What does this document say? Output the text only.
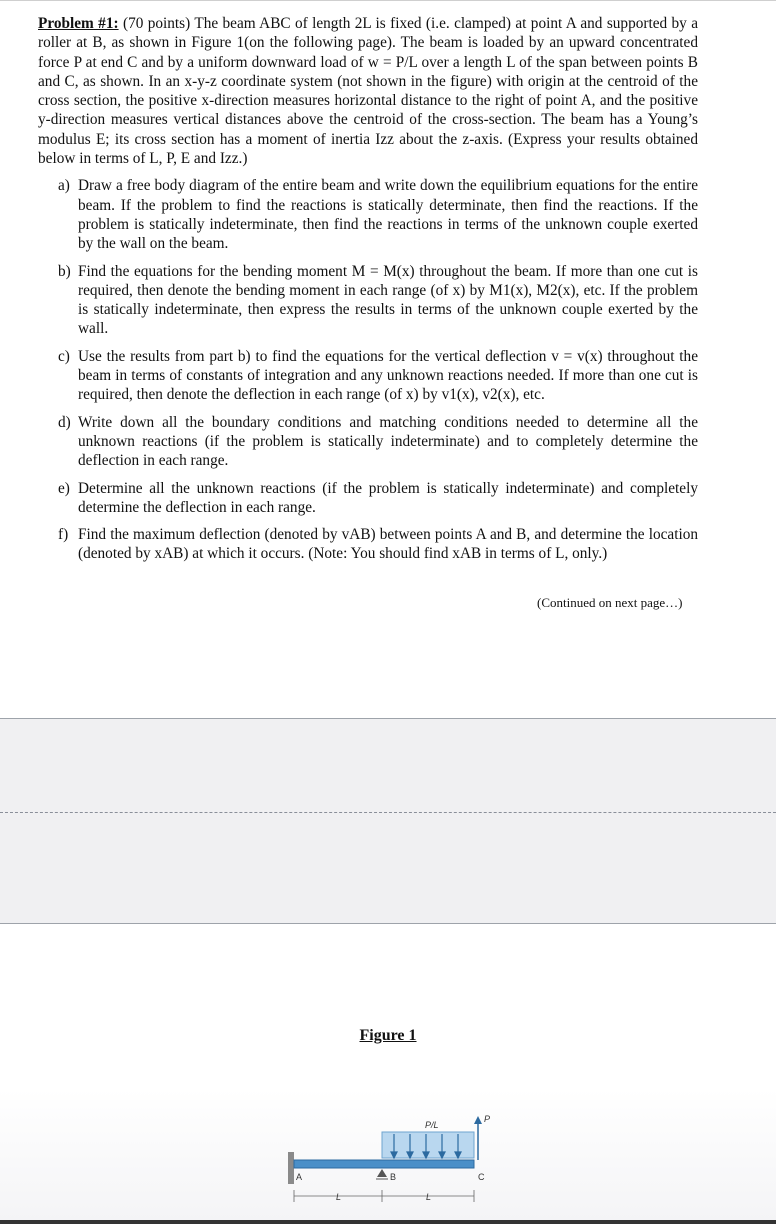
Problem #1: (70 points) The beam ABC of length 2L is fixed (i.e. clamped) at point A and supported by a roller at B, as shown in Figure 1(on the following page). The beam is loaded by an upward concentrated force P at end C and by a uniform downward load of w = P/L over a length L of the span between points B and C, as shown. In an x-y-z coordinate system (not shown in the figure) with origin at the centroid of the cross section, the positive x-direction measures horizontal distance to the right of point A, and the positive y-direction measures vertical distances above the centroid of the cross-section. The beam has a Young’s modulus E; its cross section has a moment of inertia Izz about the z-axis. (Express your results obtained below in terms of L, P, E and Izz.)

a) Draw a free body diagram of the entire beam and write down the equilibrium equations for the entire beam. If the problem to find the reactions is statically determinate, then find the reactions. If the problem is statically indeterminate, then find the reactions in terms of the unknown couple exerted by the wall on the beam.
b) Find the equations for the bending moment M = M(x) throughout the beam. If more than one cut is required, then denote the bending moment in each range (of x) by M1(x), M2(x), etc. If the problem is statically indeterminate, then express the results in terms of the unknown couple exerted by the wall.
c) Use the results from part b) to find the equations for the vertical deflection v = v(x) throughout the beam in terms of constants of integration and any unknown reactions needed. If more than one cut is required, then denote the deflection in each range (of x) by v1(x), v2(x), etc.
d) Write down all the boundary conditions and matching conditions needed to determine all the unknown reactions (if the problem is statically indeterminate) and to completely determine the deflection in each range.
e) Determine all the unknown reactions (if the problem is statically indeterminate) and completely determine the deflection in each range.
f) Find the maximum deflection (denoted by vAB) between points A and B, and determine the location (denoted by xAB) at which it occurs. (Note: You should find xAB in terms of L, only.)
(Continued on next page…)
Figure 1
P/L
P
A	B	C
L	L
